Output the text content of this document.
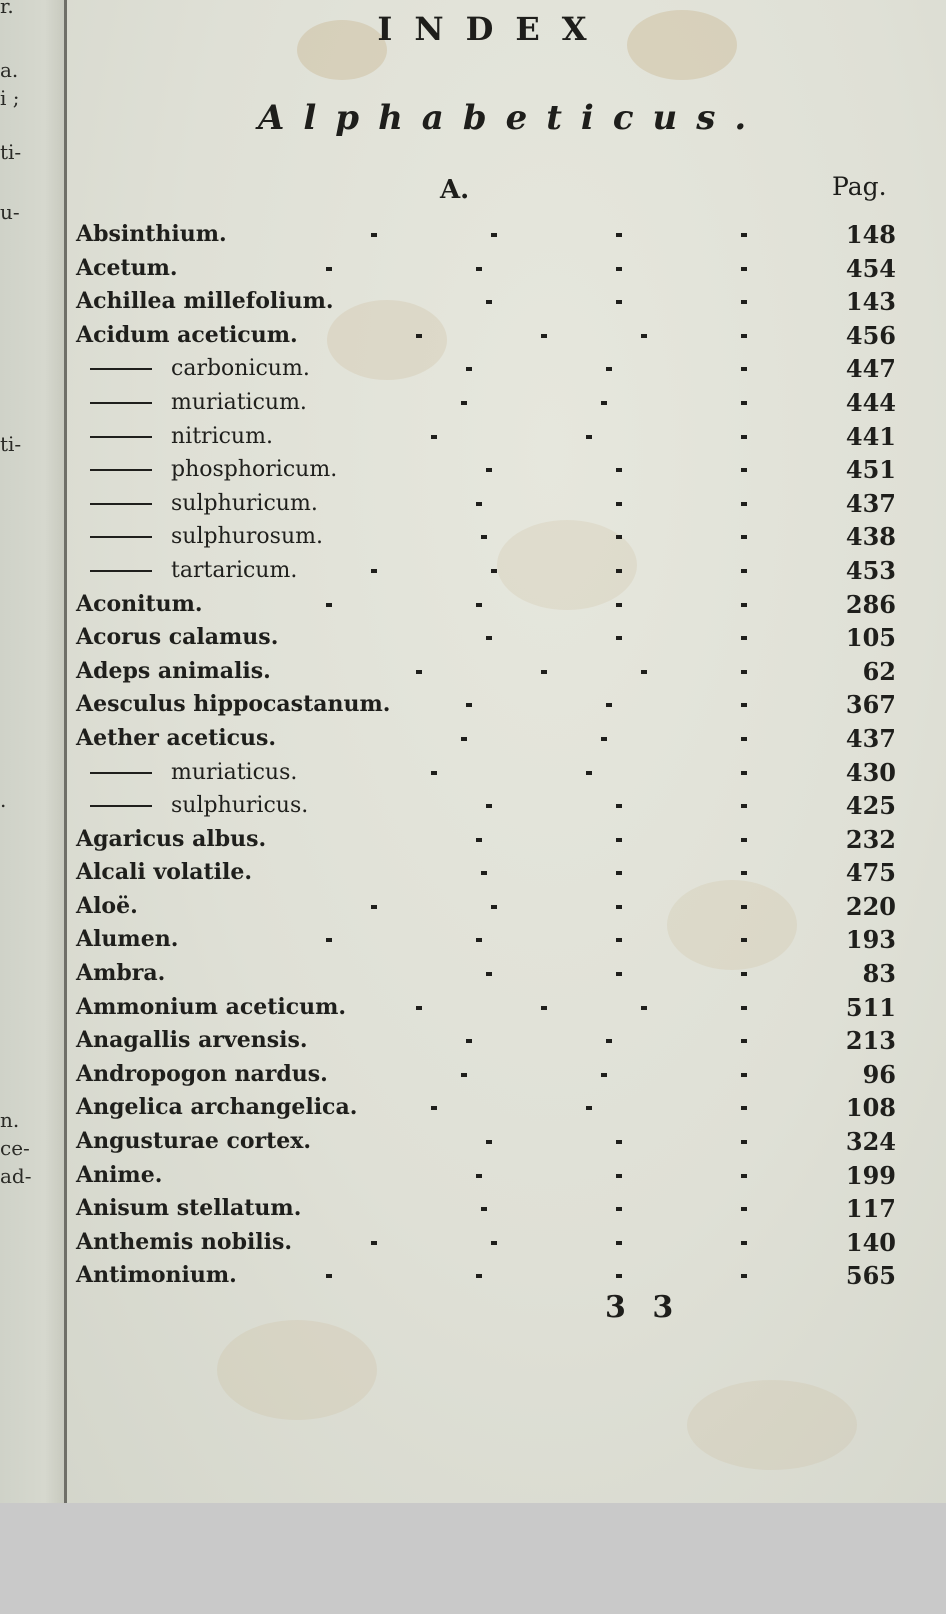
r.
a.
i ;
ti-
u-
ti-
.
n.
ce-
ad-
INDEX
Alphabeticus.
A.	Pag.
Absinthium.	148
Acetum.	454
Achillea millefolium.	143
Acidum aceticum.	456
carbonicum.	447
muriaticum.	444
nitricum.	441
phosphoricum.	451
sulphuricum.	437
sulphurosum.	438
tartaricum.	453
Aconitum.	286
Acorus calamus.	105
Adeps animalis.	62
Aesculus hippocastanum.	367
Aether aceticus.	437
muriaticus.	430
sulphuricus.	425
Agaricus albus.	232
Alcali volatile.	475
Aloë.	220
Alumen.	193
Ambra.	83
Ammonium aceticum.	511
Anagallis arvensis.	213
Andropogon nardus.	96
Angelica archangelica.	108
Angusturae cortex.	324
Anime.	199
Anisum stellatum.	117
Anthemis nobilis.	140
Antimonium.	565
3 3
